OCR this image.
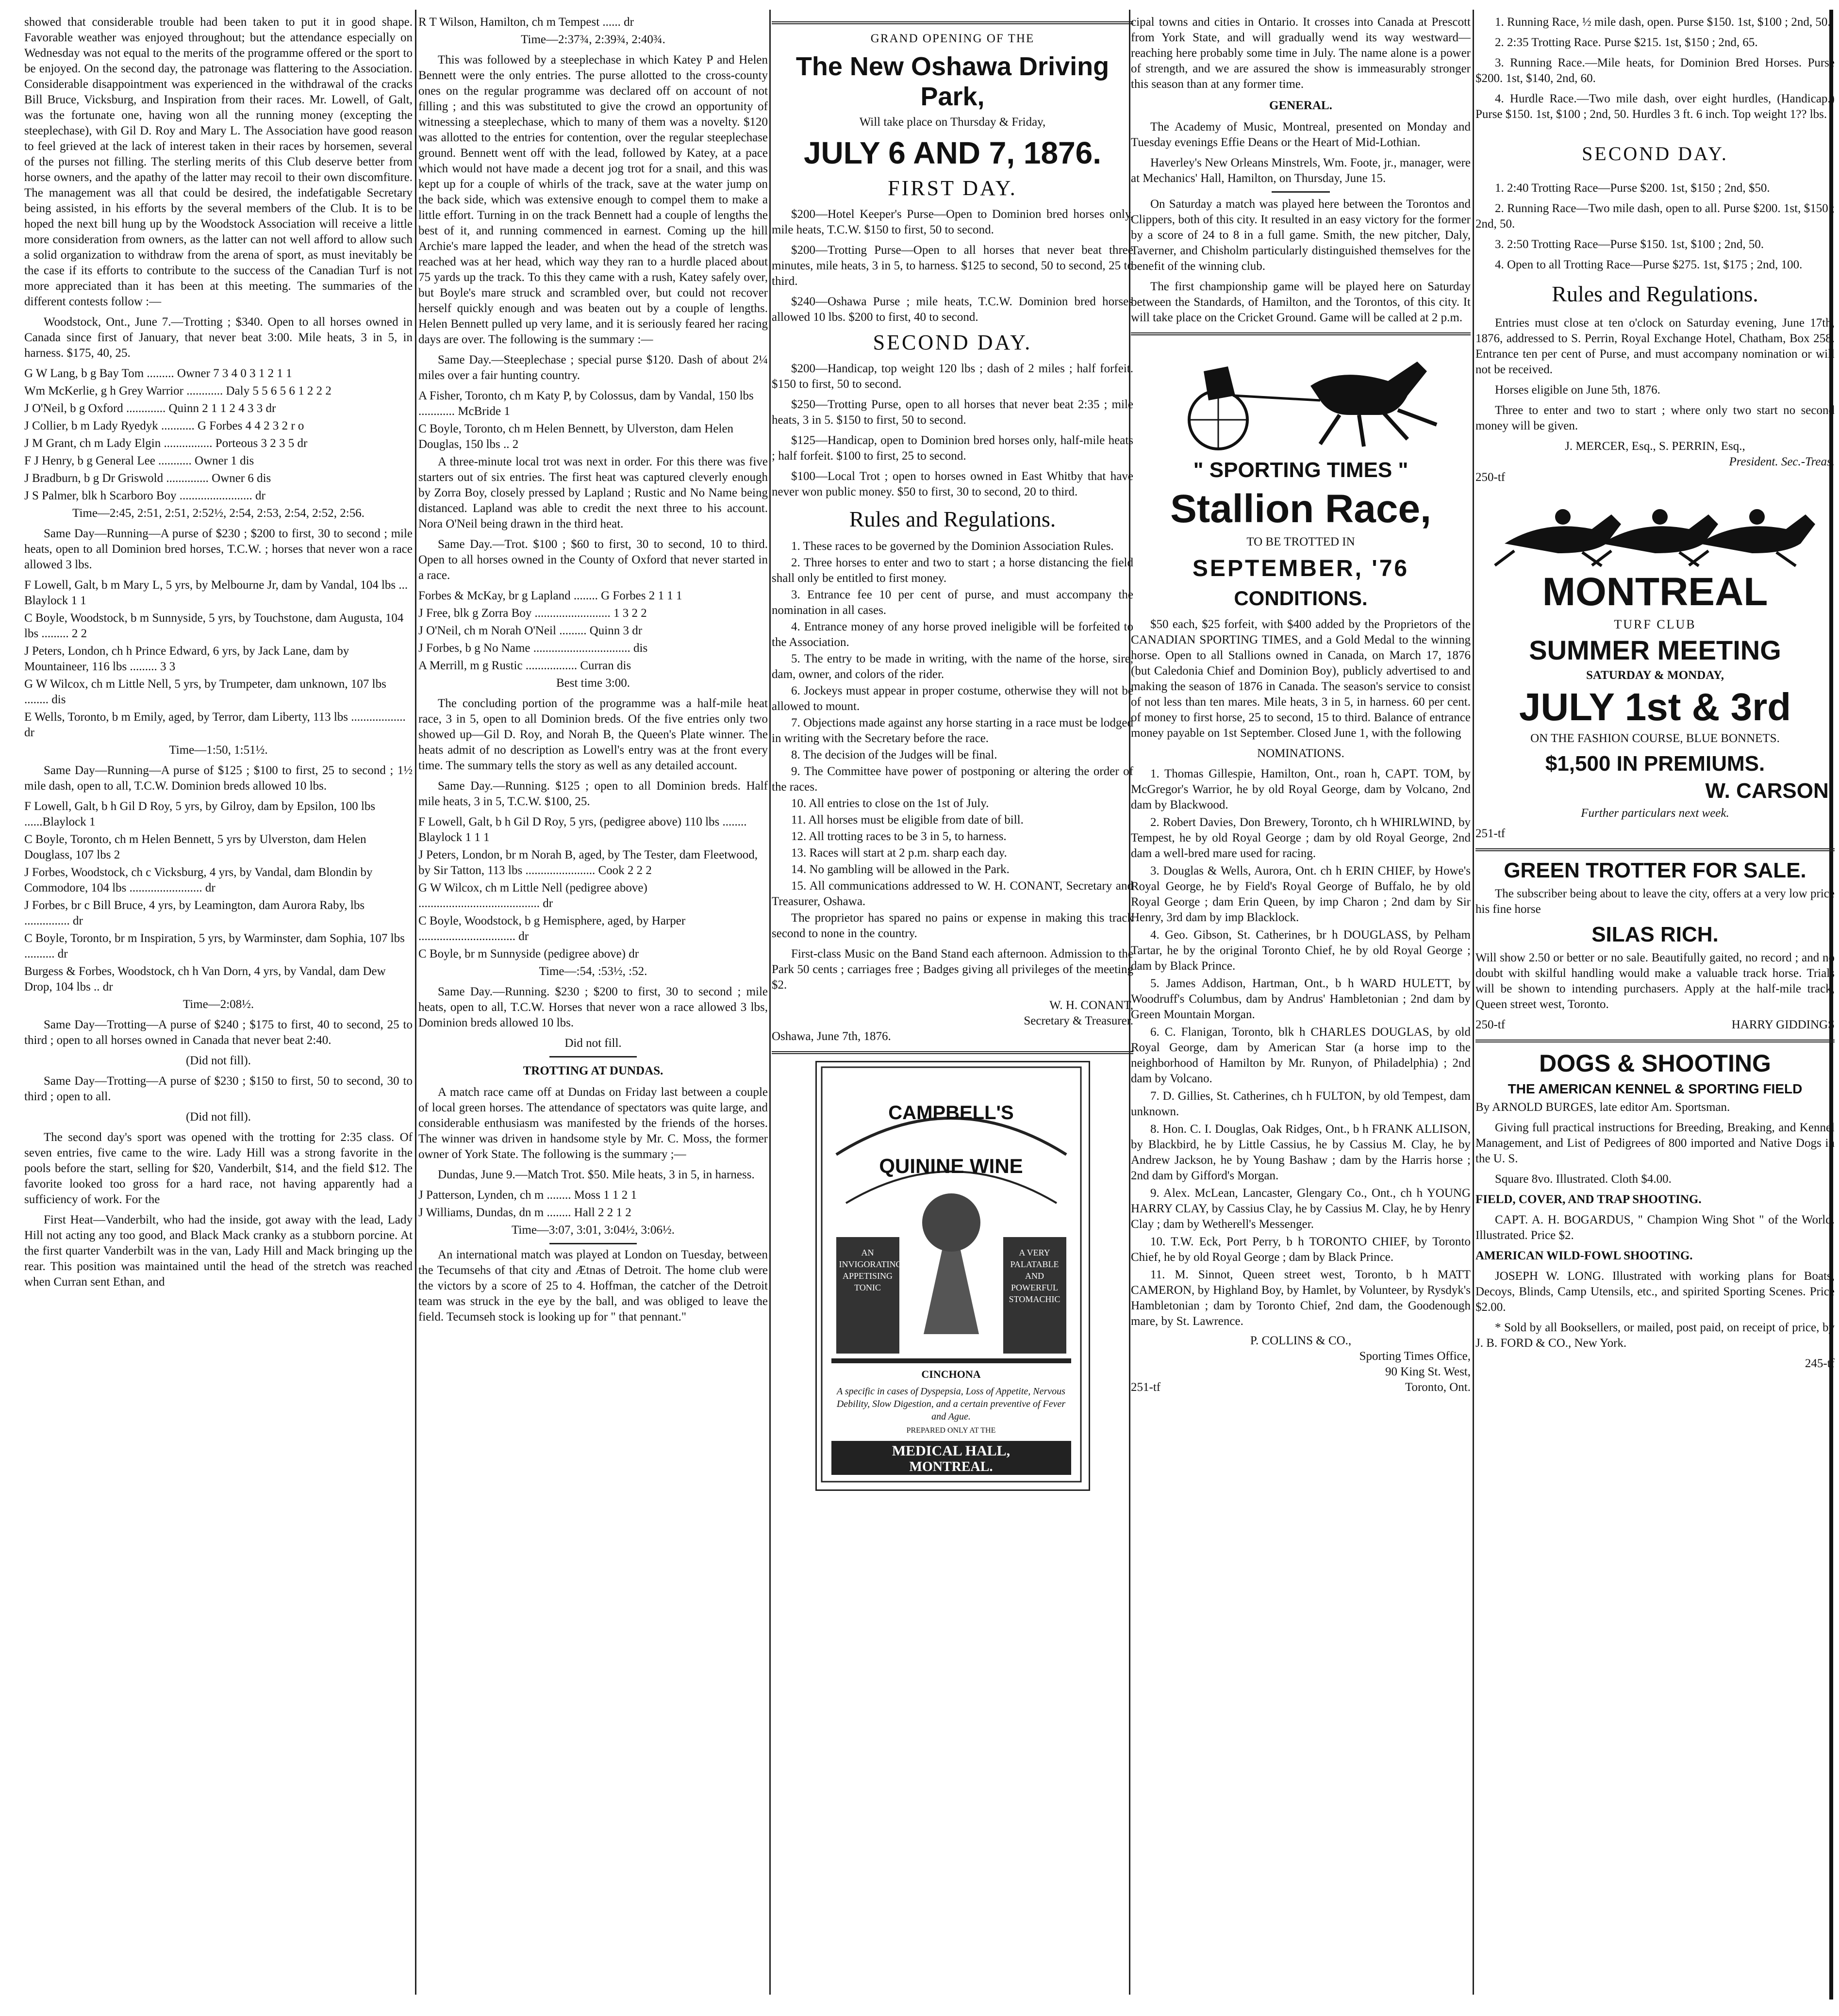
showed that considerable trouble had been taken to put it in good shape. Favorable weather was enjoyed throughout; but the attendance especially on Wednesday was not equal to the merits of the programme offered or the sport to be enjoyed. On the second day, the patronage was flattering to the Association. Considerable disappointment was experienced in the withdrawal of the cracks Bill Bruce, Vicksburg, and Inspiration from their races. Mr. Lowell, of Galt, was the fortunate one, having won all the running money (excepting the steeplechase), with Gil D. Roy and Mary L. The Association have good reason to feel grieved at the lack of interest taken in their races by horsemen, several of the purses not filling. The sterling merits of this Club deserve better from horse owners, and the apathy of the latter may recoil to their own discomfiture. The management was all that could be desired, the indefatigable Secretary being assisted, in his efforts by the several members of the Club. It is to be hoped the next bill hung up by the Woodstock Association will receive a little more consideration from owners, as the latter can not well afford to allow such a solid organization to withdraw from the arena of sport, as must inevitably be the case if its efforts to contribute to the success of the Canadian Turf is not more appreciated than it has been at this meeting. The summaries of the different contests follow :—

Woodstock, Ont., June 7.—Trotting ; $340. Open to all horses owned in Canada since first of January, that never beat 3:00. Mile heats, 3 in 5, in harness. $175, 40, 25.

G W Lang, b g Bay Tom ......... Owner 7 3 4 0 3 1 2 1 1
Wm McKerlie, g h Grey Warrior ............ Daly 5 5 6 5 6 1 2 2 2
J O'Neil, b g Oxford ............. Quinn 2 1 1 2 4 3 3 dr
J Collier, b m Lady Ryedyk ........... G Forbes 4 4 2 3 2 r o
J M Grant, ch m Lady Elgin ................ Porteous 3 2 3 5 dr
F J Henry, b g General Lee ........... Owner 1 dis
J Bradburn, b g Dr Griswold .............. Owner 6 dis
J S Palmer, blk h Scarboro Boy ........................ dr

Time—2:45, 2:51, 2:51, 2:52½, 2:54, 2:53, 2:54, 2:52, 2:56.

Same Day—Running—A purse of $230 ; $200 to first, 30 to second ; mile heats, open to all Dominion bred horses, T.C.W. ; horses that never won a race allowed 3 lbs.

F Lowell, Galt, b m Mary L, 5 yrs, by Melbourne Jr, dam by Vandal, 104 lbs ... Blaylock 1 1
C Boyle, Woodstock, b m Sunnyside, 5 yrs, by Touchstone, dam Augusta, 104 lbs ......... 2 2
J Peters, London, ch h Prince Edward, 6 yrs, by Jack Lane, dam by Mountaineer, 116 lbs ......... 3 3
G W Wilcox, ch m Little Nell, 5 yrs, by Trumpeter, dam unknown, 107 lbs ........ dis
E Wells, Toronto, b m Emily, aged, by Terror, dam Liberty, 113 lbs .................. dr

Time—1:50, 1:51½.

Same Day—Running—A purse of $125 ; $100 to first, 25 to second ; 1½ mile dash, open to all, T.C.W. Dominion breds allowed 10 lbs.

F Lowell, Galt, b h Gil D Roy, 5 yrs, by Gilroy, dam by Epsilon, 100 lbs ......Blaylock 1
C Boyle, Toronto, ch m Helen Bennett, 5 yrs by Ulverston, dam Helen Douglass, 107 lbs 2
J Forbes, Woodstock, ch c Vicksburg, 4 yrs, by Vandal, dam Blondin by Commodore, 104 lbs ........................ dr
J Forbes, br c Bill Bruce, 4 yrs, by Leamington, dam Aurora Raby, lbs ............... dr
C Boyle, Toronto, br m Inspiration, 5 yrs, by Warminster, dam Sophia, 107 lbs .......... dr
Burgess & Forbes, Woodstock, ch h Van Dorn, 4 yrs, by Vandal, dam Dew Drop, 104 lbs .. dr

Time—2:08½.

Same Day—Trotting—A purse of $240 ; $175 to first, 40 to second, 25 to third ; open to all horses owned in Canada that never beat 2:40.

(Did not fill).

Same Day—Trotting—A purse of $230 ; $150 to first, 50 to second, 30 to third ; open to all.

(Did not fill).

The second day's sport was opened with the trotting for 2:35 class. Of seven entries, five came to the wire. Lady Hill was a strong favorite in the pools before the start, selling for $20, Vanderbilt, $14, and the field $12. The favorite looked too gross for a hard race, not having apparently had a sufficiency of work. For the

First Heat—Vanderbilt, who had the inside, got away with the lead, Lady Hill not acting any too good, and Black Mack cranky as a stubborn porcine. At the first quarter Vanderbilt was in the van, Lady Hill and Mack bringing up the rear. This position was maintained until the head of the stretch was reached when Curran sent Ethan, and

R T Wilson, Hamilton, ch m Tempest ...... dr

Time—2:37¾, 2:39¾, 2:40¾.

This was followed by a steeplechase in which Katey P and Helen Bennett were the only entries. The purse allotted to the cross-county ones on the regular programme was declared off on account of not filling ; and this was substituted to give the crowd an opportunity of witnessing a steeplechase, which to many of them was a novelty. $120 was allotted to the entries for contention, over the regular steeplechase ground. Bennett went off with the lead, followed by Katey, at a pace which would not have made a decent jog trot for a snail, and this was kept up for a couple of whirls of the track, save at the water jump on the back side, which was extensive enough to compel them to make a little effort. Turning in on the track Bennett had a couple of lengths the best of it, and running commenced in earnest. Coming up the hill Archie's mare lapped the leader, and when the head of the stretch was reached was at her head, which way they ran to a hurdle placed about 75 yards up the track. To this they came with a rush, Katey safely over, but Boyle's mare struck and scrambled over, but could not recover herself quickly enough and was beaten out by a couple of lengths. Helen Bennett pulled up very lame, and it is seriously feared her racing days are over. The following is the summary :—

Same Day.—Steeplechase ; special purse $120. Dash of about 2¼ miles over a fair hunting country.

A Fisher, Toronto, ch m Katy P, by Colossus, dam by Vandal, 150 lbs ............ McBride 1
C Boyle, Toronto, ch m Helen Bennett, by Ulverston, dam Helen Douglas, 150 lbs .. 2

A three-minute local trot was next in order. For this there was five starters out of six entries. The first heat was captured cleverly enough by Zorra Boy, closely pressed by Lapland ; Rustic and No Name being distanced. Lapland was able to credit the next three to his account. Nora O'Neil being drawn in the third heat.

Same Day.—Trot. $100 ; $60 to first, 30 to second, 10 to third. Open to all horses owned in the County of Oxford that never started in a race.

Forbes & McKay, br g Lapland ........ G Forbes 2 1 1 1
J Free, blk g Zorra Boy ......................... 1 3 2 2
J O'Neil, ch m Norah O'Neil ......... Quinn 3 dr
J Forbes, b g No Name ................................ dis
A Merrill, m g Rustic ................. Curran dis

Best time 3:00.

The concluding portion of the programme was a half-mile heat race, 3 in 5, open to all Dominion breds. Of the five entries only two showed up—Gil D. Roy, and Norah B, the Queen's Plate winner. The heats admit of no description as Lowell's entry was at the front every time. The summary tells the story as well as any detailed account.

Same Day.—Running. $125 ; open to all Dominion breds. Half mile heats, 3 in 5, T.C.W. $100, 25.

F Lowell, Galt, b h Gil D Roy, 5 yrs, (pedigree above) 110 lbs ........ Blaylock 1 1 1
J Peters, London, br m Norah B, aged, by The Tester, dam Fleetwood, by Sir Tatton, 113 lbs ....................... Cook 2 2 2
G W Wilcox, ch m Little Nell (pedigree above) ........................................ dr
C Boyle, Woodstock, b g Hemisphere, aged, by Harper ................................ dr
C Boyle, br m Sunnyside (pedigree above) dr

Time—:54, :53½, :52.

Same Day.—Running. $230 ; $200 to first, 30 to second ; mile heats, open to all, T.C.W. Horses that never won a race allowed 3 lbs, Dominion breds allowed 10 lbs.

Did not fill.

TROTTING AT DUNDAS.

A match race came off at Dundas on Friday last between a couple of local green horses. The attendance of spectators was quite large, and considerable enthusiasm was manifested by the friends of the horses. The winner was driven in handsome style by Mr. C. Moss, the former owner of York State. The following is the summary ;—

Dundas, June 9.—Match Trot. $50. Mile heats, 3 in 5, in harness.

J Patterson, Lynden, ch m ........ Moss 1 1 2 1
J Williams, Dundas, dn m ........ Hall 2 2 1 2

Time—3:07, 3:01, 3:04½, 3:06½.

An international match was played at London on Tuesday, between the Tecumsehs of that city and Ætnas of Detroit. The home club were the victors by a score of 25 to 4. Hoffman, the catcher of the Detroit team was struck in the eye by the ball, and was obliged to leave the field. Tecumseh stock is looking up for " that pennant."

GRAND OPENING OF THE

The New Oshawa Driving Park,

Will take place on Thursday & Friday,

JULY 6 AND 7, 1876.

FIRST DAY.

$200—Hotel Keeper's Purse—Open to Dominion bred horses only, mile heats, T.C.W. $150 to first, 50 to second.

$200—Trotting Purse—Open to all horses that never beat three minutes, mile heats, 3 in 5, to harness. $125 to second, 50 to second, 25 to third.

$240—Oshawa Purse ; mile heats, T.C.W. Dominion bred horses allowed 10 lbs. $200 to first, 40 to second.

SECOND DAY.

$200—Handicap, top weight 120 lbs ; dash of 2 miles ; half forfeit. $150 to first, 50 to second.

$250—Trotting Purse, open to all horses that never beat 2:35 ; mile heats, 3 in 5. $150 to first, 50 to second.

$125—Handicap, open to Dominion bred horses only, half-mile heats ; half forfeit. $100 to first, 25 to second.

$100—Local Trot ; open to horses owned in East Whitby that have never won public money. $50 to first, 30 to second, 20 to third.

Rules and Regulations.

1. These races to be governed by the Dominion Association Rules.

2. Three horses to enter and two to start ; a horse distancing the field shall only be entitled to first money.

3. Entrance fee 10 per cent of purse, and must accompany the nomination in all cases.

4. Entrance money of any horse proved ineligible will be forfeited to the Association.

5. The entry to be made in writing, with the name of the horse, sire, dam, owner, and colors of the rider.

6. Jockeys must appear in proper costume, otherwise they will not be allowed to mount.

7. Objections made against any horse starting in a race must be lodged in writing with the Secretary before the race.

8. The decision of the Judges will be final.

9. The Committee have power of postponing or altering the order of the races.

10. All entries to close on the 1st of July.

11. All horses must be eligible from date of bill.

12. All trotting races to be 3 in 5, to harness.

13. Races will start at 2 p.m. sharp each day.

14. No gambling will be allowed in the Park.

15. All communications addressed to W. H. CONANT, Secretary and Treasurer, Oshawa.

The proprietor has spared no pains or expense in making this track second to none in the country.

First-class Music on the Band Stand each afternoon. Admission to the Park 50 cents ; carriages free ; Badges giving all privileges of the meeting $2.

W. H. CONANT,

Secretary & Treasurer.

Oshawa, June 7th, 1876.

CAMPBELL'S
QUININE WINE
AN INVIGORATING APPETISING TONIC
A VERY PALATABLE AND POWERFUL STOMACHIC
CINCHONA
A specific in cases of Dyspepsia, Loss of Appetite, Nervous Debility, Slow Digestion, and a certain preventive of Fever and Ague.
PREPARED ONLY AT THE
MEDICAL HALL,
MONTREAL.

cipal towns and cities in Ontario. It crosses into Canada at Prescott from York State, and will gradually wend its way westward—reaching here probably some time in July. The name alone is a power of strength, and we are assured the show is immeasurably stronger this season than at any former time.

GENERAL.

The Academy of Music, Montreal, presented on Monday and Tuesday evenings Effie Deans or the Heart of Mid-Lothian.

Haverley's New Orleans Minstrels, Wm. Foote, jr., manager, were at Mechanics' Hall, Hamilton, on Thursday, June 15.

On Saturday a match was played here between the Torontos and Clippers, both of this city. It resulted in an easy victory for the former by a score of 24 to 8 in a full game. Smith, the new pitcher, Daly, Taverner, and Chisholm particularly distinguished themselves for the benefit of the winning club.

The first championship game will be played here on Saturday between the Standards, of Hamilton, and the Torontos, of this city. It will take place on the Cricket Ground. Game will be called at 2 p.m.

" SPORTING TIMES "

Stallion Race,

TO BE TROTTED IN

SEPTEMBER, '76

CONDITIONS.

$50 each, $25 forfeit, with $400 added by the Proprietors of the CANADIAN SPORTING TIMES, and a Gold Medal to the winning horse. Open to all Stallions owned in Canada, on March 17, 1876 (but Caledonia Chief and Dominion Boy), publicly advertised to and making the season of 1876 in Canada. The season's service to consist of not less than ten mares. Mile heats, 3 in 5, in harness. 60 per cent. of money to first horse, 25 to second, 15 to third. Balance of entrance money payable on 1st September. Closed June 1, with the following

NOMINATIONS.

1. Thomas Gillespie, Hamilton, Ont., roan h, CAPT. TOM, by McGregor's Warrior, he by old Royal George, dam by Volcano, 2nd dam by Blackwood.

2. Robert Davies, Don Brewery, Toronto, ch h WHIRLWIND, by Tempest, he by old Royal George ; dam by old Royal George, 2nd dam a well-bred mare used for racing.

3. Douglas & Wells, Aurora, Ont. ch h ERIN CHIEF, by Howe's Royal George, he by Field's Royal George of Buffalo, he by old Royal George ; dam Erin Queen, by imp Charon ; 2nd dam by Sir Henry, 3rd dam by imp Blacklock.

4. Geo. Gibson, St. Catherines, br h DOUGLASS, by Pelham Tartar, he by the original Toronto Chief, he by old Royal George ; dam by Black Prince.

5. James Addison, Hartman, Ont., b h WARD HULETT, by Woodruff's Columbus, dam by Andrus' Hambletonian ; 2nd dam by Green Mountain Morgan.

6. C. Flanigan, Toronto, blk h CHARLES DOUGLAS, by old Royal George, dam by American Star (a horse imp to the neighborhood of Hamilton by Mr. Runyon, of Philadelphia) ; 2nd dam by Volcano.

7. D. Gillies, St. Catherines, ch h FULTON, by old Tempest, dam unknown.

8. Hon. C. I. Douglas, Oak Ridges, Ont., b h FRANK ALLISON, by Blackbird, he by Little Cassius, he by Cassius M. Clay, he by Andrew Jackson, he by Young Bashaw ; dam by the Harris horse ; 2nd dam by Gifford's Morgan.

9. Alex. McLean, Lancaster, Glengary Co., Ont., ch h YOUNG HARRY CLAY, by Cassius Clay, he by Cassius M. Clay, he by Henry Clay ; dam by Wetherell's Messenger.

10. T.W. Eck, Port Perry, b h TORONTO CHIEF, by Toronto Chief, he by old Royal George ; dam by Black Prince.

11. M. Sinnot, Queen street west, Toronto, b h MATT CAMERON, by Highland Boy, by Hamlet, by Volunteer, by Rysdyk's Hambletonian ; dam by Toronto Chief, 2nd dam, the Goodenough mare, by St. Lawrence.

P. COLLINS & CO.,

Sporting Times Office,

90 King St. West,

251-tf	Toronto, Ont.

1. Running Race, ½ mile dash, open. Purse $150. 1st, $100 ; 2nd, 50.

2. 2:35 Trotting Race. Purse $215. 1st, $150 ; 2nd, 65.

3. Running Race.—Mile heats, for Dominion Bred Horses. Purse $200. 1st, $140, 2nd, 60.

4. Hurdle Race.—Two mile dash, over eight hurdles, (Handicap.) Purse $150. 1st, $100 ; 2nd, 50. Hurdles 3 ft. 6 inch. Top weight 1?? lbs.

SECOND DAY.

1. 2:40 Trotting Race—Purse $200. 1st, $150 ; 2nd, $50.

2. Running Race—Two mile dash, open to all. Purse $200. 1st, $150 ; 2nd, 50.

3. 2:50 Trotting Race—Purse $150. 1st, $100 ; 2nd, 50.

4. Open to all Trotting Race—Purse $275. 1st, $175 ; 2nd, 100.

Rules and Regulations.

Entries must close at ten o'clock on Saturday evening, June 17th, 1876, addressed to S. Perrin, Royal Exchange Hotel, Chatham, Box 258. Entrance ten per cent of Purse, and must accompany nomination or will not be received.

Horses eligible on June 5th, 1876.

Three to enter and two to start ; where only two start no second money will be given.

J. MERCER, Esq., S. PERRIN, Esq.,

President. Sec.-Treas.

250-tf

MONTREAL

TURF CLUB

SUMMER MEETING

SATURDAY & MONDAY,

JULY 1st & 3rd

ON THE FASHION COURSE, BLUE BONNETS.

$1,500 IN PREMIUMS.

W. CARSON.

Further particulars next week.

251-tf

GREEN TROTTER FOR SALE.

The subscriber being about to leave the city, offers at a very low price his fine horse

SILAS RICH.

Will show 2.50 or better or no sale. Beautifully gaited, no record ; and no doubt with skilful handling would make a valuable track horse. Trials will be shown to intending purchasers. Apply at the half-mile track, Queen street west, Toronto.

250-tf	HARRY GIDDINGS

DOGS & SHOOTING

THE AMERICAN KENNEL & SPORTING FIELD

By ARNOLD BURGES, late editor Am. Sportsman.

Giving full practical instructions for Breeding, Breaking, and Kennel Management, and List of Pedigrees of 800 imported and Native Dogs in the U. S.

Square 8vo. Illustrated. Cloth $4.00.

FIELD, COVER, AND TRAP SHOOTING.

CAPT. A. H. BOGARDUS, " Champion Wing Shot " of the World. Illustrated. Price $2.

AMERICAN WILD-FOWL SHOOTING.

JOSEPH W. LONG. Illustrated with working plans for Boats, Decoys, Blinds, Camp Utensils, etc., and spirited Sporting Scenes. Price $2.00.

* Sold by all Booksellers, or mailed, post paid, on receipt of price, by J. B. FORD & CO., New York.

245-tf
